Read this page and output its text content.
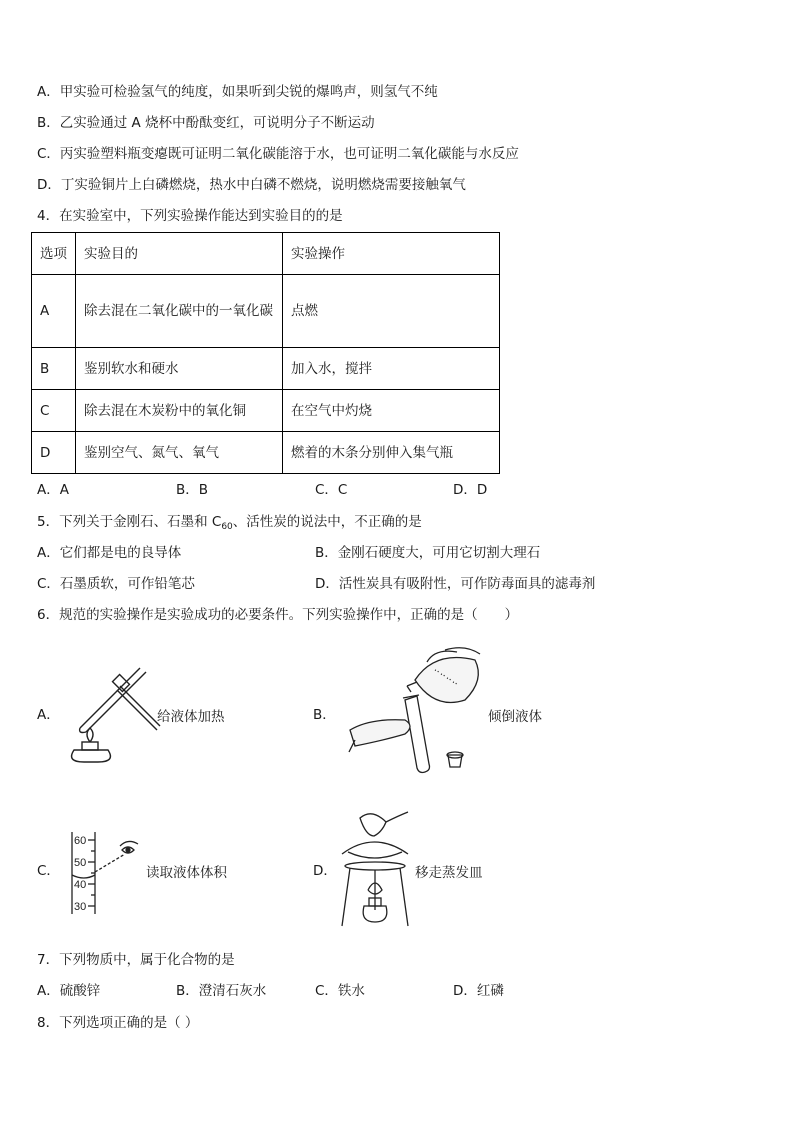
A．甲实验可检验氢气的纯度，如果听到尖锐的爆鸣声，则氢气不纯
B．乙实验通过 A 烧杯中酚酞变红，可说明分子不断运动
C．丙实验塑料瓶变瘪既可证明二氧化碳能溶于水，也可证明二氧化碳能与水反应
D．丁实验铜片上白磷燃烧，热水中白磷不燃烧，说明燃烧需要接触氧气
4．在实验室中，下列实验操作能达到实验目的的是
选项	实验目的	实验操作
A	除去混在二氧化碳中的一氧化碳	点燃
B	鉴别软水和硬水	加入水，搅拌
C	除去混在木炭粉中的氧化铜	在空气中灼烧
D	鉴别空气、氮气、氧气	燃着的木条分别伸入集气瓶
A．A	B．B	C．C	D．D
5．下列关于金刚石、石墨和 $C_{60}$、活性炭的说法中，不正确的是
A．它们都是电的良导体	B．金刚石硬度大，可用它切割大理石
C．石墨质软，可作铅笔芯	D．活性炭具有吸附性，可作防毒面具的滤毒剂
6．规范的实验操作是实验成功的必要条件。下列实验操作中，正确的是（　　）
A．	给液体加热	B．	倾倒液体
C．
60
50
40
30
读取液体体积	D．	移走蒸发皿
7．下列物质中，属于化合物的是
A．硫酸锌	B．澄清石灰水	C．铁水	D．红磷
8．下列选项正确的是（ ）
